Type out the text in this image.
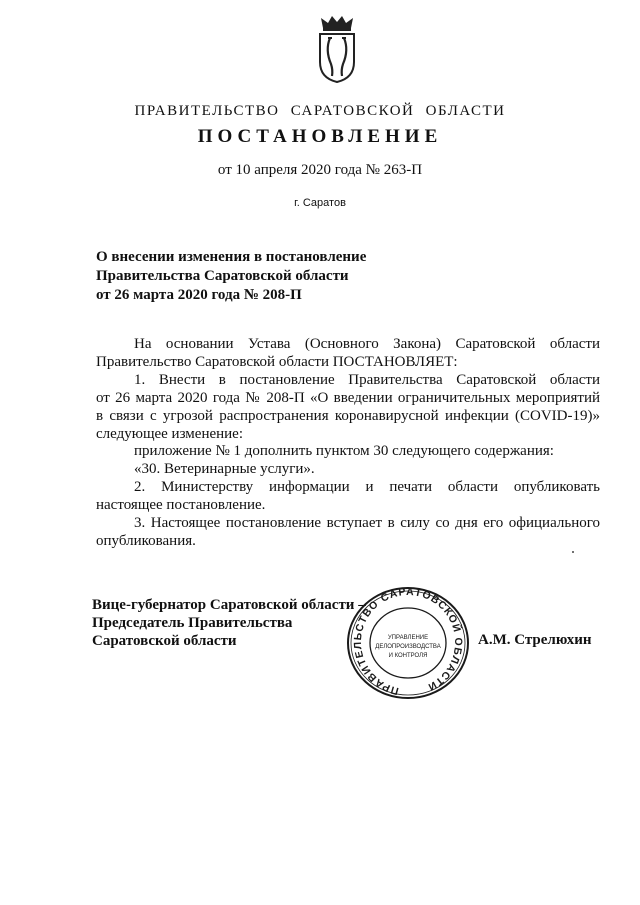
ПРАВИТЕЛЬСТВО САРАТОВСКОЙ ОБЛАСТИ
ПОСТАНОВЛЕНИЕ
от 10 апреля 2020 года № 263-П
г. Саратов
О внесении изменения в постановление
Правительства Саратовской области
от 26 марта 2020 года № 208-П
На основании Устава (Основного Закона) Саратовской области
Правительство Саратовской области ПОСТАНОВЛЯЕТ:
1. Внести в постановление Правительства Саратовской области
от 26 марта 2020 года № 208-П «О введении ограничительных мероприятий
в связи с угрозой распространения коронавирусной инфекции (COVID-19)»
следующее изменение:
приложение № 1 дополнить пунктом 30 следующего содержания:
«30. Ветеринарные услуги».
2. Министерству информации и печати области опубликовать
настоящее постановление.
3. Настоящее постановление вступает в силу со дня его официального
опубликования.
Вице-губернатор Саратовской области –
Председатель Правительства
Саратовской области
ПРАВИТЕЛЬСТВО САРАТОВСКОЙ ОБЛАСТИ
УПРАВЛЕНИЕ
ДЕЛОПРОИЗВОДСТВА
И КОНТРОЛЯ
А.М. Стрелюхин
